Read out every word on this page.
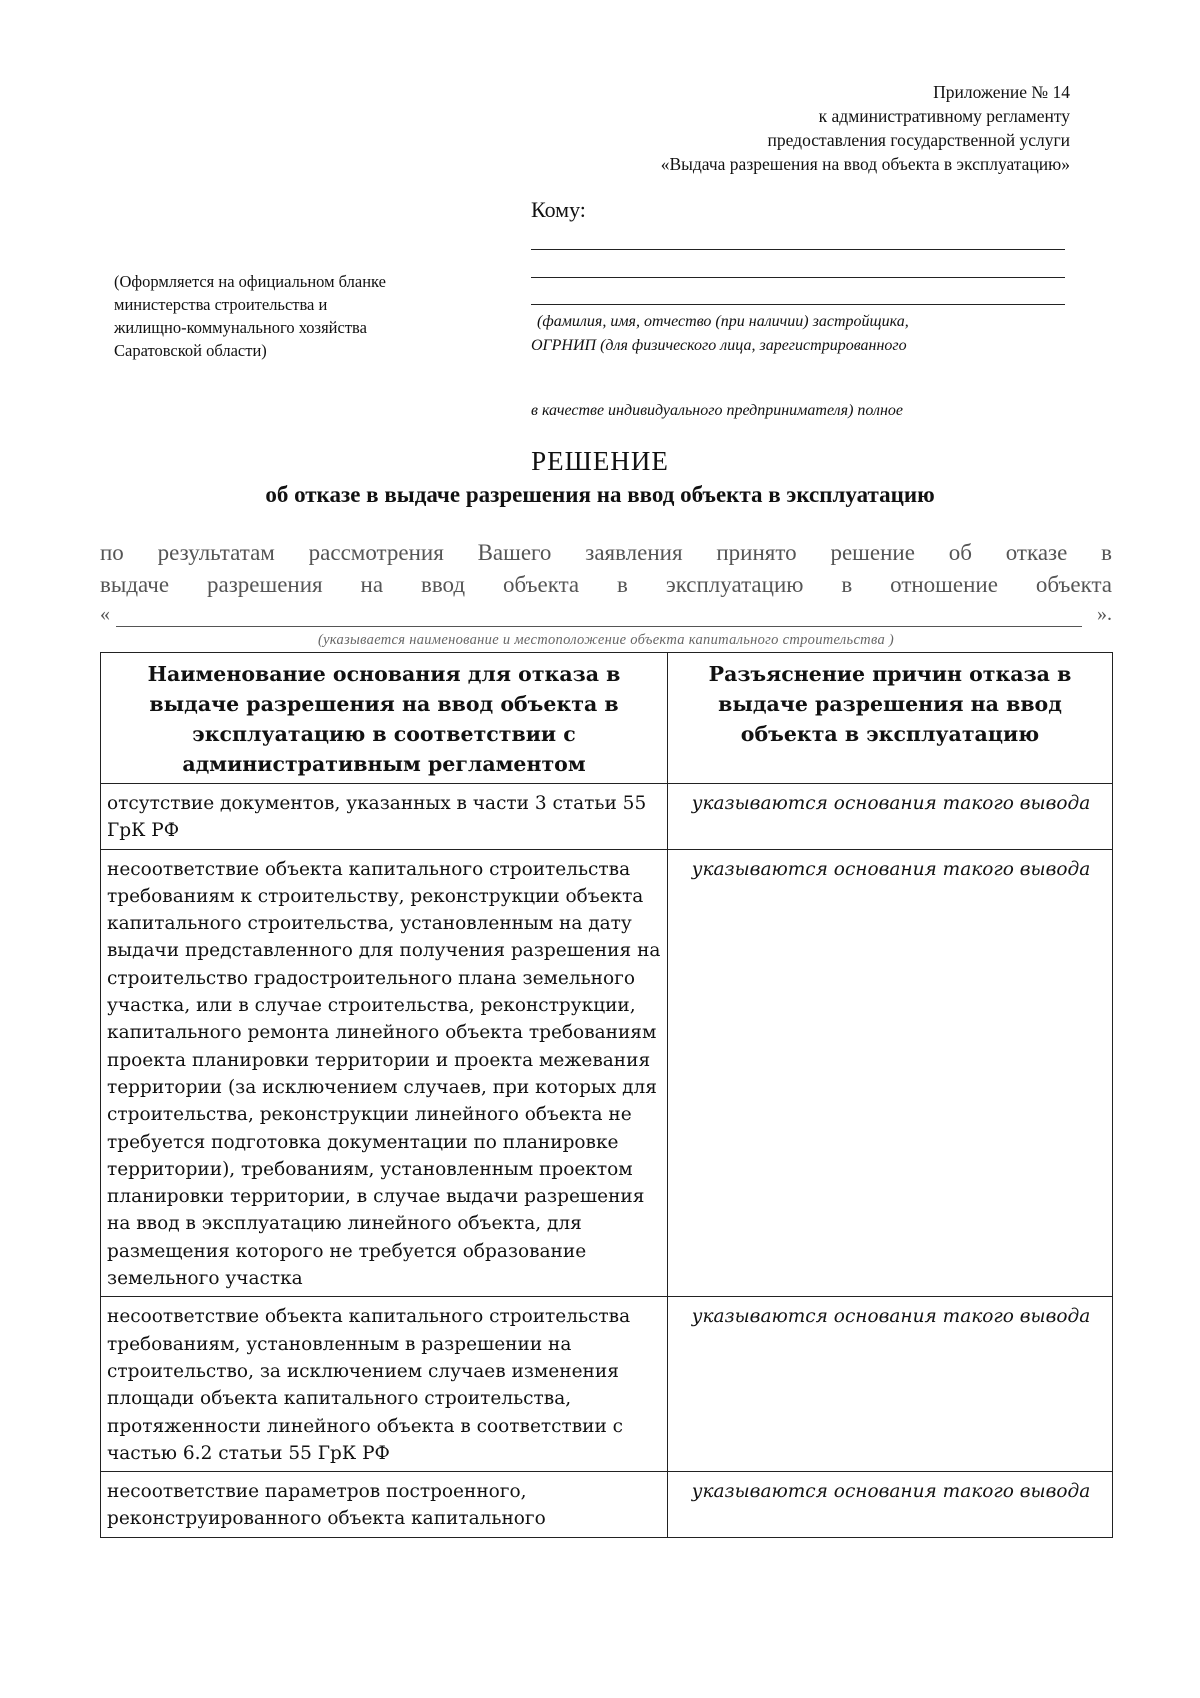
Приложение № 14
к административному регламенту
предоставления государственной услуги
«Выдача разрешения на ввод объекта в эксплуатацию»
Кому:
(фамилия, имя, отчество (при наличии) застройщика,
ОГРНИП (для физического лица, зарегистрированного
в качестве индивидуального предпринимателя) полное
(Оформляется на официальном бланке
министерства строительства и
жилищно-коммунального хозяйства
Саратовской области)
РЕШЕНИЕ
об отказе в выдаче разрешения на ввод объекта в эксплуатацию
по результатам рассмотрения Вашего заявления принято решение об отказе в
выдаче разрешения на ввод объекта в эксплуатацию в отношение объекта
«	».
(указывается наименование и местоположение объекта капитального строительства )
Наименование основания для отказа в выдаче разрешения на ввод объекта в эксплуатацию в соответствии с административным регламентом	Разъяснение причин отказа в выдаче разрешения на ввод объекта в эксплуатацию
отсутствие документов, указанных в части 3 статьи 55 ГрК РФ	указываются основания такого вывода
несоответствие объекта капитального строительства требованиям к строительству, реконструкции объекта капитального строительства, установленным на дату выдачи представленного для получения разрешения на строительство градостроительного плана земельного участка, или в случае строительства, реконструкции, капитального ремонта линейного объекта требованиям проекта планировки территории и проекта межевания территории (за исключением случаев, при которых для строительства, реконструкции линейного объекта не требуется подготовка документации по планировке территории), требованиям, установленным проектом планировки территории, в случае выдачи разрешения на ввод в эксплуатацию линейного объекта, для размещения которого не требуется образование земельного участка	указываются основания такого вывода
несоответствие объекта капитального строительства требованиям, установленным в разрешении на строительство, за исключением случаев изменения площади объекта капитального строительства, протяженности линейного объекта в соответствии с частью 6.2 статьи 55 ГрК РФ	указываются основания такого вывода
несоответствие параметров построенного, реконструированного объекта капитального	указываются основания такого вывода
